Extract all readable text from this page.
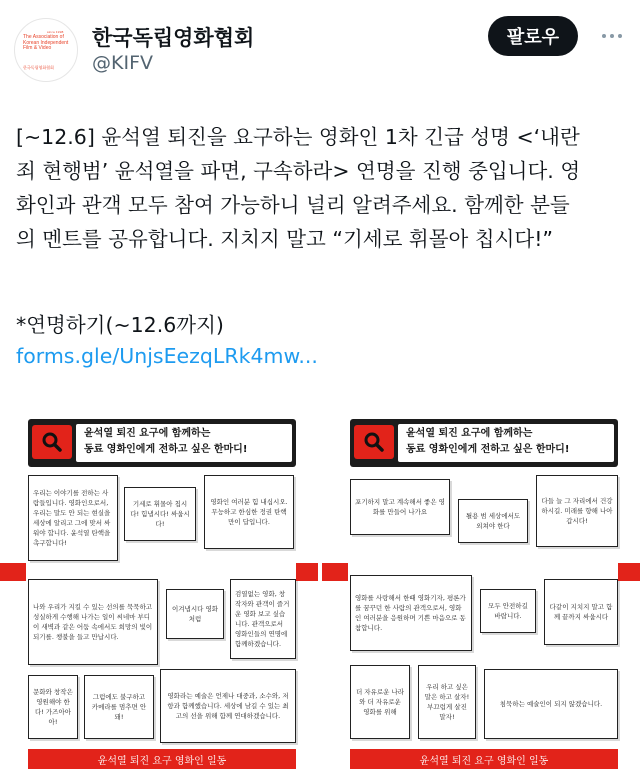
since 1998
The Association of Korean Independent Film & Video
한국독립영화협회
한국독립영화협회
@KIFV
팔로우
[~12.6] 윤석열 퇴진을 요구하는 영화인 1차 긴급 성명 <‘내란
죄 현행범’ 윤석열을 파면, 구속하라> 연명을 진행 중입니다. 영
화인과 관객 모두 참여 가능하니 널리 알려주세요. 함께한 분들
의 멘트를 공유합니다. 지치지 말고 “기세로 휘몰아 칩시다!”
*연명하기(~12.6까지)
forms.gle/UnjsEezqLRk4mw...
윤석열 퇴진 요구에 함께하는
동료 영화인에게 전하고 싶은 한마디!
우리는 이야기를 전하는 사람들입니다. 영화인으로서, 우리는 말도 안 되는 현실을 세상에 알리고 그에 맞서 싸워야 합니다. 윤석열 탄핵을 촉구합니다!
기세로 휘몰아 칩시다! 힘냅시다! 싸웁시다!
영화인 여러분 힘 내십시오. 무능하고 한심한 정권 탄핵만이 답입니다.
나와 우리가 지킬 수 있는 선의를 묵묵하고 성실하게 수행해 나가는 일이 씨네마 부디 이 새벽과 같은 어둠 속에서도 희망의 빛이 되기를. 챙불을 들고 만납시다.
이겨냅시다 영화처럼
검열없는 영화, 창작자와 관객이 즐거운 영화 보고 싶습니다. 관객으로서 영화인들의 연명에 함께하겠습니다.
문화와 창작은 영원해야 한다! 가즈아아아!
그럼에도 불구하고 카메라를 멈추면 안 돼!
영화라는 예술은 언제나 대중과, 소수와, 저항과 함께했습니다. 세상에 남길 수 있는 최고의 선을 위해 함께 연대하겠습니다.
윤석열 퇴진 요구 영화인 일동
윤석열 퇴진 요구에 함께하는
동료 영화인에게 전하고 싶은 한마디!
포기하지 말고 계속해서 좋은 영화를 만들어 나가요	될용 범 세상에서도 외쳐야 한다
다들 늘 그 자리에서 건강하시길. 미래를 향해 나아갑시다!
영화를 사랑해서 한때 영화기자, 평론가를 꿈꾸던 한 사람의 관객으로서, 영화인 여러분을 응원하며 기쁜 마음으로 동참합니다.
모두 안전하길 바랍니다.
다같이 지치지 말고 함께 끝까지 싸웁시다
더 자유로운 나라와 더 자유로운 영화를 위해
우리 하고 싶은 말은 하고 살자! 부끄럽게 살진 말자!
침묵하는 예술인이 되지 않겠습니다.
윤석열 퇴진 요구 영화인 일동
